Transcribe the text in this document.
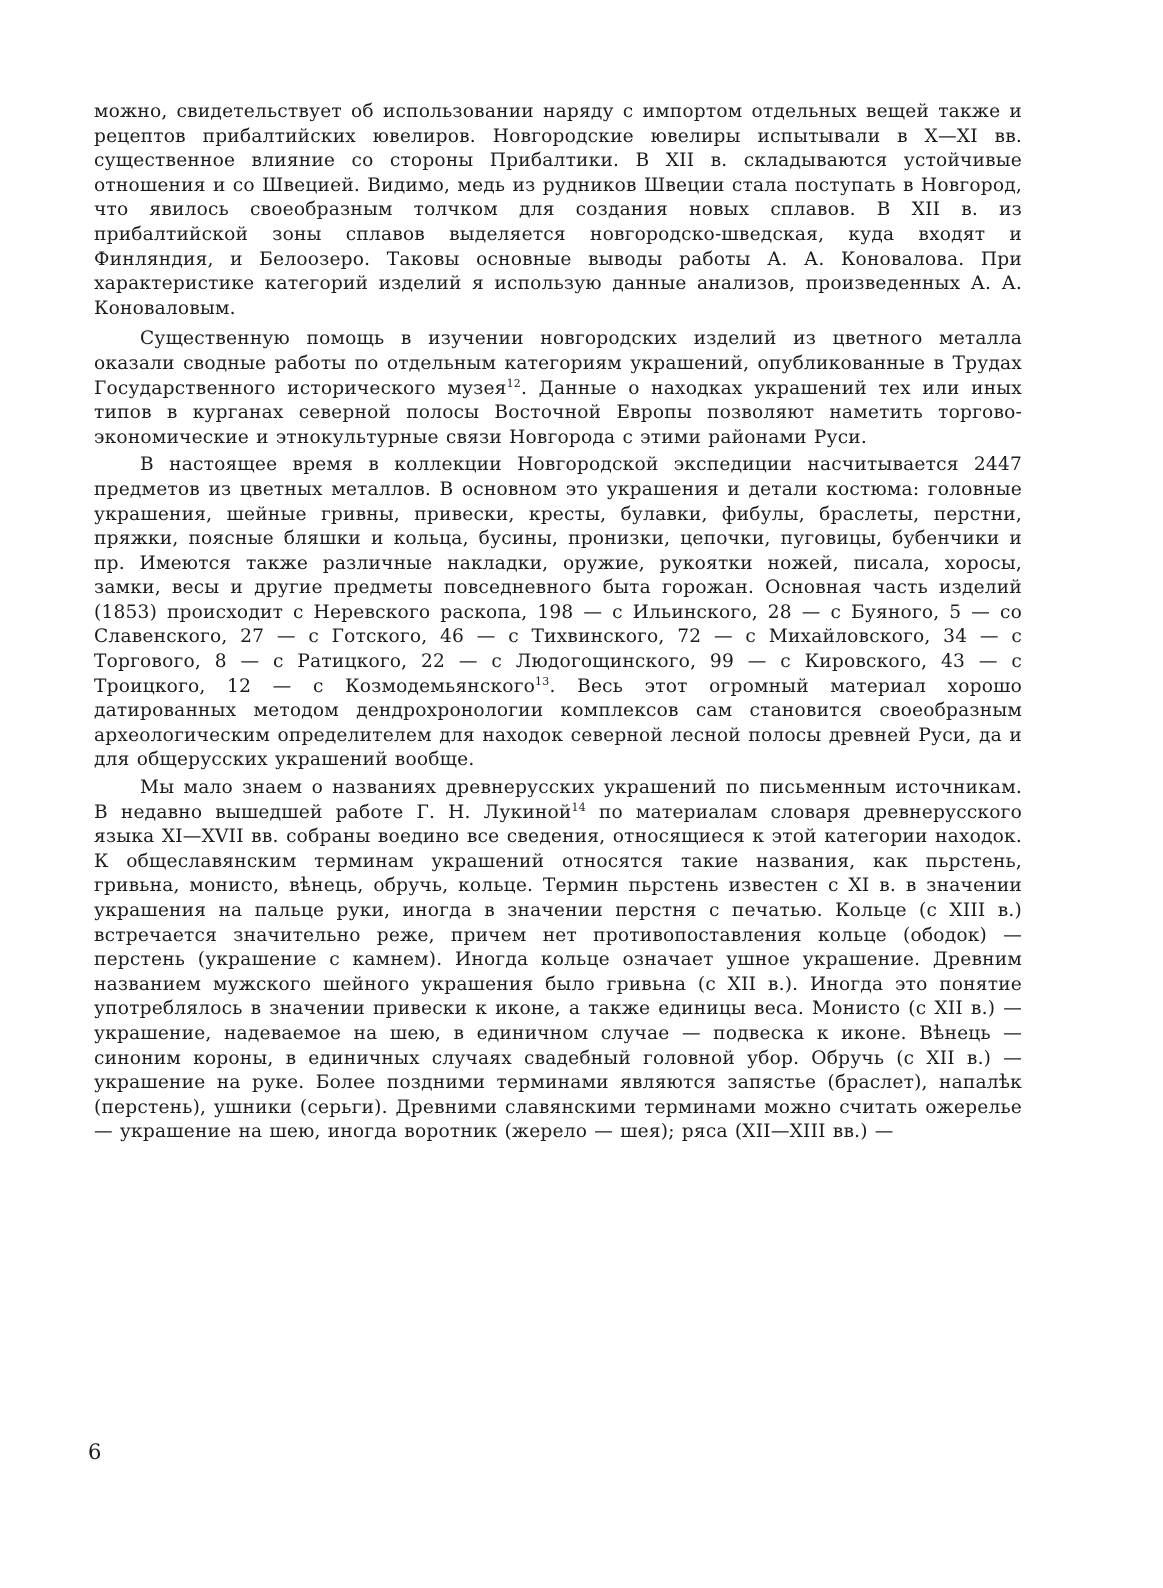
можно, свидетельствует об использовании наряду с импортом отдельных вещей также и рецептов прибалтийских ювелиров. Новгородские ювелиры испытывали в X—XI вв. существенное влияние со стороны Прибалтики. В XII в. складываются устойчивые отношения и со Швецией. Видимо, медь из рудников Швеции стала поступать в Новгород, что явилось своеобразным толчком для создания новых сплавов. В XII в. из прибалтийской зоны сплавов выделяется новгородско-шведская, куда входят и Финляндия, и Белоозеро. Таковы основные выводы работы А. А. Коновалова. При характеристике категорий изделий я использую данные анализов, произведенных А. А. Коноваловым.

Существенную помощь в изучении новгородских изделий из цветного металла оказали сводные работы по отдельным категориям украшений, опубликованные в Трудах Государственного исторического музея$^{12}$. Данные о находках украшений тех или иных типов в курганах северной полосы Восточной Европы позволяют наметить торгово-экономические и этнокультурные связи Новгорода с этими районами Руси.

В настоящее время в коллекции Новгородской экспедиции насчитывается 2447 предметов из цветных металлов. В основном это украшения и детали костюма: головные украшения, шейные гривны, привески, кресты, булавки, фибулы, браслеты, перстни, пряжки, поясные бляшки и кольца, бусины, пронизки, цепочки, пуговицы, бубенчики и пр. Имеются также различные накладки, оружие, рукоятки ножей, писала, хоросы, замки, весы и другие предметы повседневного быта горожан. Основная часть изделий (1853) происходит с Неревского раскопа, 198 — с Ильинского, 28 — с Буяного, 5 — со Славенского, 27 — с Готского, 46 — с Тихвинского, 72 — с Михайловского, 34 — с Торгового, 8 — с Ратицкого, 22 — с Людогощинского, 99 — с Кировского, 43 — с Троицкого, 12 — с Козмодемьянского$^{13}$. Весь этот огромный материал хорошо датированных методом дендрохронологии комплексов сам становится своеобразным археологическим определителем для находок северной лесной полосы древней Руси, да и для общерусских украшений вообще.

Мы мало знаем о названиях древнерусских украшений по письменным источникам. В недавно вышедшей работе Г. Н. Лукиной$^{14}$ по материалам словаря древнерусского языка XI—XVII вв. собраны воедино все сведения, относящиеся к этой категории находок. К общеславянским терминам украшений относятся такие названия, как пьрстень, гривьна, монисто, вѣнець, обручь, кольце. Термин пьрстень известен с XI в. в значении украшения на пальце руки, иногда в значении перстня с печатью. Кольце (с XIII в.) встречается значительно реже, причем нет противопоставления кольце (ободок) — перстень (украшение с камнем). Иногда кольце означает ушное украшение. Древним названием мужского шейного украшения было гривьна (с XII в.). Иногда это понятие употреблялось в значении привески к иконе, а также единицы веса. Монисто (с XII в.) — украшение, надеваемое на шею, в единичном случае — подвеска к иконе. Вѣнець — синоним короны, в единичных случаях свадебный головной убор. Обручь (с XII в.) — украшение на руке. Более поздними терминами являются запястье (браслет), напалѣк (перстень), ушники (серьги). Древними славянскими терминами можно считать ожерелье — украшение на шею, иногда воротник (жерело — шея); ряса (XII—XIII вв.) —

6
